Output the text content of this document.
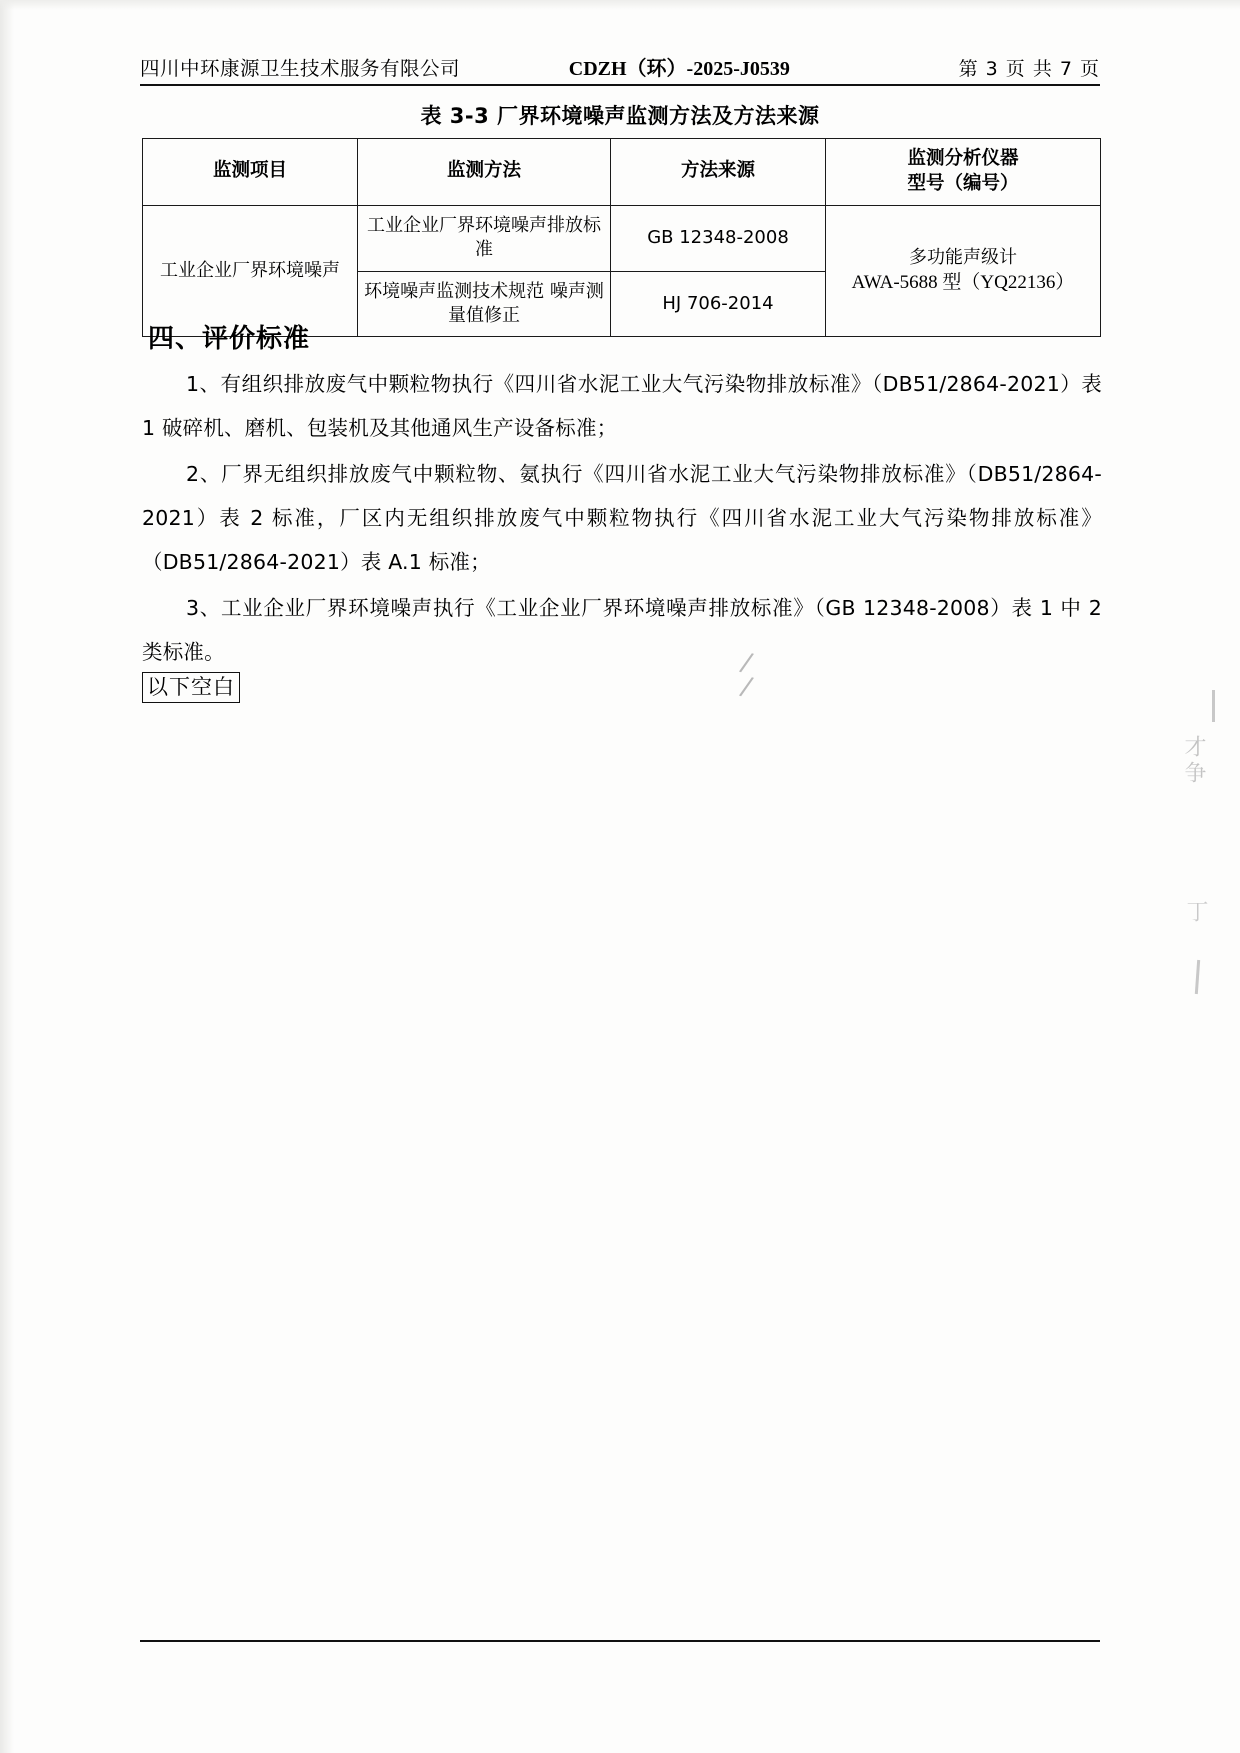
四川中环康源卫生技术服务有限公司	CDZH（环）-2025-J0539	第 3 页 共 7 页
表 3-3 厂界环境噪声监测方法及方法来源
监测项目	监测方法	方法来源	监测分析仪器
型号（编号）

工业企业厂界环境噪声	工业企业厂界环境噪声排放标准	GB 12348-2008	多功能声级计
AWA-5688 型（YQ22136）

	环境噪声监测技术规范 噪声测量值修正	HJ 706-2014	
四、评价标准

1、有组织排放废气中颗粒物执行《四川省水泥工业大气污染物排放标准》（DB51/2864-2021）表 1 破碎机、磨机、包装机及其他通风生产设备标准；

2、厂界无组织排放废气中颗粒物、氨执行《四川省水泥工业大气污染物排放标准》（DB51/2864-2021）表 2 标准，厂区内无组织排放废气中颗粒物执行《四川省水泥工业大气污染物排放标准》（DB51/2864-2021）表 A.1 标准；

3、工业企业厂界环境噪声执行《工业企业厂界环境噪声排放标准》（GB 12348-2008）表 1 中 2 类标准。

以下空白
/
/
才争
丁
